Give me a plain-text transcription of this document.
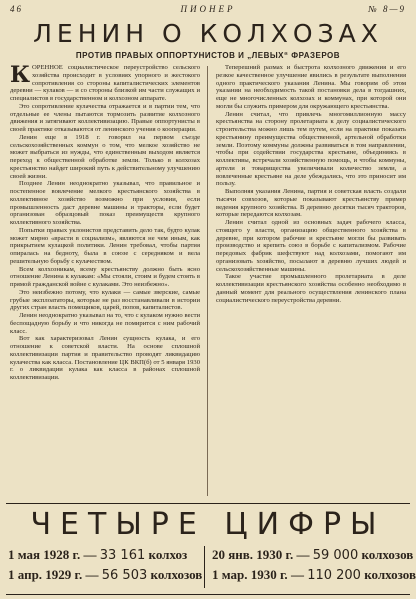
46	ПИОНЕР	№ 8—9
ЛЕНИН О КОЛХОЗАХ
ПРОТИВ ПРАВЫХ ОППОРТУНИСТОВ И „ЛЕВЫХ“ ФРАЗЕРОВ

КОРЕННОЕ социалистическое переустройство сельского хозяйства происходит в условиях упорного и жестокого сопротивления со стороны капиталистических элементов деревни — кулаков — и со стороны близкой им части служащих и специалистов в государственном и колхозном аппарате.

Это сопротивление кулачества отражается и в партии тем, что отдельные ее члены пытаются тормозить развитие колхозного движения и затягивают коллективизацию. Правые оппортунисты в своей практике отказываются от ленинского учения о кооперации.

Ленин еще в 1918 г. говорил на первом съезде сельскохозяйственных коммун о том, что мелкое хозяйство не может выбраться из нужды, что единственным выходом является переход к общественной обработке земли. Только в колхозах крестьянство найдет широкий путь к действительному улучшению своей жизни.

Позднее Ленин неоднократно указывал, что правильное и постепенное вовлечение мелкого крестьянского хозяйства в коллективное хозяйство возможно при условии, если промышленность даст деревне машины и тракторы, если будет организован образцовый показ преимуществ крупного коллективного хозяйства.

Попытки правых уклонистов представить дело так, будто кулак может мирно «врасти в социализм», являются не чем иным, как прикрытием кулацкой политики. Ленин требовал, чтобы партия опиралась на бедноту, была в союзе с середняком и вела решительную борьбу с кулачеством.

Всем колхозникам, всему крестьянству должно быть ясно отношение Ленина к кулакам: «Мы стояли, стоим и будем стоять в прямой гражданской войне с кулаками. Это неизбежно».

Это неизбежно потому, что кулаки — самые зверские, самые грубые эксплоататоры, которые не раз восстанавливали в истории других стран власть помещиков, царей, попов, капиталистов.

Ленин неоднократно указывал на то, что с кулаком нужно вести беспощадную борьбу и что никогда не помирится с ним рабочий класс.

Вот как характеризовал Ленин сущность кулака, и его отношение к советской власти. На основе сплошной коллективизации партия и правительство проводят ликвидацию кулачества как класса. Постановление ЦК ВКП(б) от 5 января 1930 г. о ликвидации кулака как класса в районах сплошной коллективизации.

Теперешний размах и быстрота колхозного движения и его резкое качественное улучшение явились в результате выполнения одного практического указания Ленина. Мы говорим об этом указании на необходимость такой постановки дела в тогдашних, еще не многочисленных колхозах и коммунах, при которой они могли бы служить примером для окружающего крестьянства.

Ленин считал, что привлечь многомиллионную массу крестьянства на сторону пролетариата к делу социалистического строительства можно лишь тем путем, если на практике показать крестьянину преимущества общественной, артельной обработки земли. Поэтому коммуны должны развиваться в том направлении, чтобы при содействии государства крестьяне, объединяясь в коллективы, встречали хозяйственную помощь, и чтобы коммуны, артели и товарищества увеличивали количество земли, а вовлеченные крестьяне на деле убеждались, что это приносит им пользу.

Выполняя указания Ленина, партия и советская власть создали тысячи совхозов, которые показывают крестьянству пример ведения крупного хозяйства. В деревню десятки тысяч тракторов, которые передаются колхозам.

Ленин считал одной из основных задач рабочего класса, стоящего у власти, организацию общественного хозяйства в деревне, при котором рабочие и крестьяне могли бы развивать производство и крепить союз в борьбе с капитализмом. Рабочие передовых фабрик шефствуют над колхозами, помогают им организовать хозяйство, посылают в деревню лучших людей и сельскохозяйственные машины.

Такое участие промышленного пролетариата в деле коллективизации крестьянского хозяйства особенно необходимо в данный момент для реального осуществления ленинского плана социалистического переустройства деревни.

ЧЕТЫРЕ ЦИФРЫ
1 мая 1928 г. — 33 161 колхоз
1 апр. 1929 г. — 56 503 колхозов
20 янв. 1930 г. — 59 000 колхозов
1 мар. 1930 г. — 110 200 колхозов
